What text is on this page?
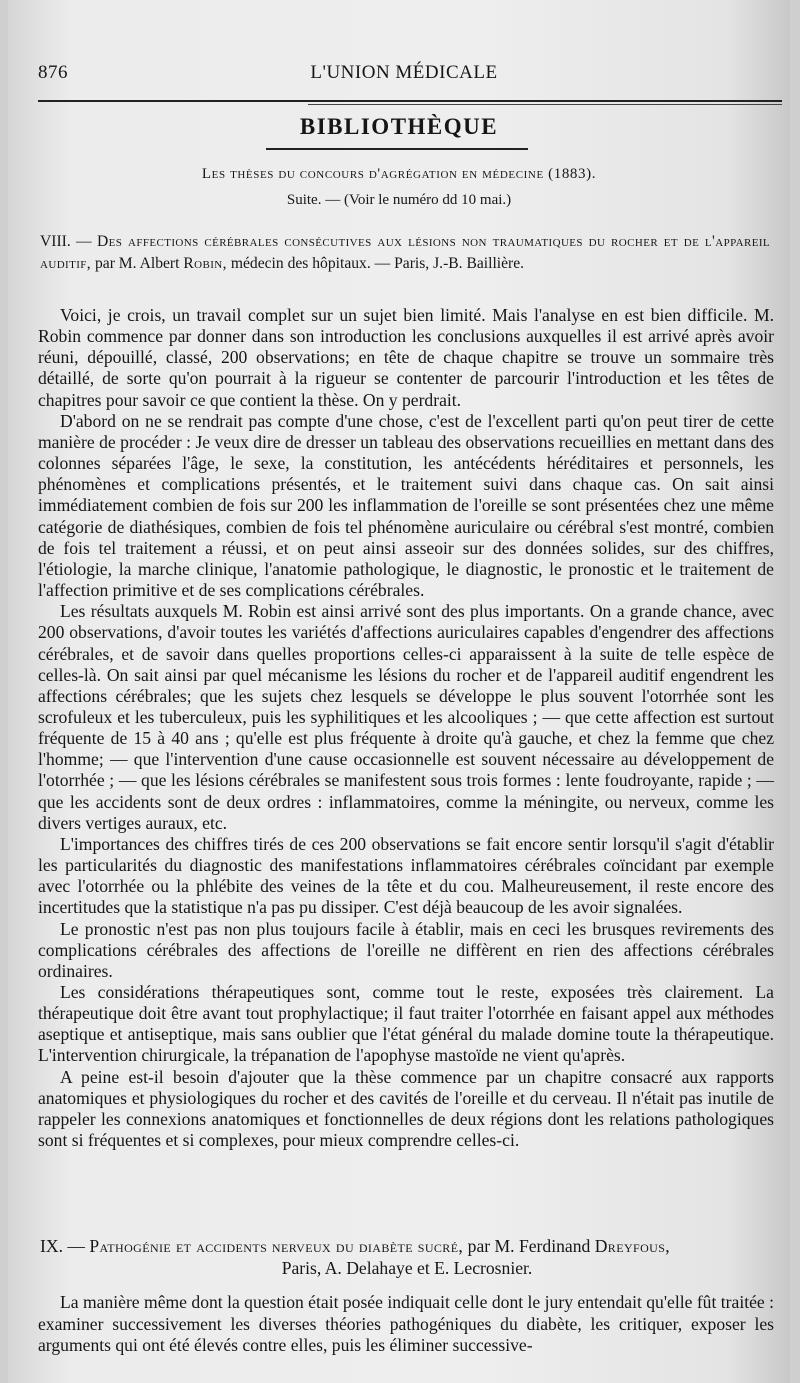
876	L'UNION MÉDICALE
BIBLIOTHÈQUE
Les thèses du concours d'agrégation en médecine (1883).
Suite. — (Voir le numéro dd 10 mai.)
VIII. — Des affections cérébrales consécutives aux lésions non traumatiques du rocher et de l'appareil auditif, par M. Albert Robin, médecin des hôpitaux. — Paris, J.-B. Baillière.

Voici, je crois, un travail complet sur un sujet bien limité. Mais l'analyse en est bien difficile. M. Robin commence par donner dans son introduction les conclusions auxquelles il est arrivé après avoir réuni, dépouillé, classé, 200 observations; en tête de chaque chapitre se trouve un sommaire très détaillé, de sorte qu'on pourrait à la rigueur se contenter de parcourir l'introduction et les têtes de chapitres pour savoir ce que contient la thèse. On y perdrait.

D'abord on ne se rendrait pas compte d'une chose, c'est de l'excellent parti qu'on peut tirer de cette manière de procéder : Je veux dire de dresser un tableau des observations recueillies en mettant dans des colonnes séparées l'âge, le sexe, la constitution, les antécédents héréditaires et personnels, les phénomènes et complications présentés, et le traitement suivi dans chaque cas. On sait ainsi immédiatement combien de fois sur 200 les inflammation de l'oreille se sont présentées chez une même catégorie de diathésiques, combien de fois tel phénomène auriculaire ou cérébral s'est montré, combien de fois tel traitement a réussi, et on peut ainsi asseoir sur des données solides, sur des chiffres, l'étiologie, la marche clinique, l'anatomie pathologique, le diagnostic, le pronostic et le traitement de l'affection primitive et de ses complications cérébrales.

Les résultats auxquels M. Robin est ainsi arrivé sont des plus importants. On a grande chance, avec 200 observations, d'avoir toutes les variétés d'affections auriculaires capables d'engendrer des affections cérébrales, et de savoir dans quelles proportions celles-ci apparaissent à la suite de telle espèce de celles-là. On sait ainsi par quel mécanisme les lésions du rocher et de l'appareil auditif engendrent les affections cérébrales; que les sujets chez lesquels se développe le plus souvent l'otorrhée sont les scrofuleux et les tuberculeux, puis les syphilitiques et les alcooliques ; — que cette affection est surtout fréquente de 15 à 40 ans ; qu'elle est plus fréquente à droite qu'à gauche, et chez la femme que chez l'homme; — que l'intervention d'une cause occasionnelle est souvent nécessaire au développement de l'otorrhée ; — que les lésions cérébrales se manifestent sous trois formes : lente foudroyante, rapide ; — que les accidents sont de deux ordres : inflammatoires, comme la méningite, ou nerveux, comme les divers vertiges auraux, etc.

L'importances des chiffres tirés de ces 200 observations se fait encore sentir lorsqu'il s'agit d'établir les particularités du diagnostic des manifestations inflammatoires cérébrales coïncidant par exemple avec l'otorrhée ou la phlébite des veines de la tête et du cou. Malheureusement, il reste encore des incertitudes que la statistique n'a pas pu dissiper. C'est déjà beaucoup de les avoir signalées.

Le pronostic n'est pas non plus toujours facile à établir, mais en ceci les brusques revirements des complications cérébrales des affections de l'oreille ne diffèrent en rien des affections cérébrales ordinaires.

Les considérations thérapeutiques sont, comme tout le reste, exposées très clairement. La thérapeutique doit être avant tout prophylactique; il faut traiter l'otorrhée en faisant appel aux méthodes aseptique et antiseptique, mais sans oublier que l'état général du malade domine toute la thérapeutique. L'intervention chirurgicale, la trépanation de l'apophyse mastoïde ne vient qu'après.

A peine est-il besoin d'ajouter que la thèse commence par un chapitre consacré aux rapports anatomiques et physiologiques du rocher et des cavités de l'oreille et du cerveau. Il n'était pas inutile de rappeler les connexions anatomiques et fonctionnelles de deux régions dont les relations pathologiques sont si fréquentes et si complexes, pour mieux comprendre celles-ci.

IX. — Pathogénie et accidents nerveux du diabète sucré, par M. Ferdinand Dreyfous,
Paris, A. Delahaye et E. Lecrosnier.

La manière même dont la question était posée indiquait celle dont le jury entendait qu'elle fût traitée : examiner successivement les diverses théories pathogéniques du diabète, les critiquer, exposer les arguments qui ont été élevés contre elles, puis les éliminer successive-
